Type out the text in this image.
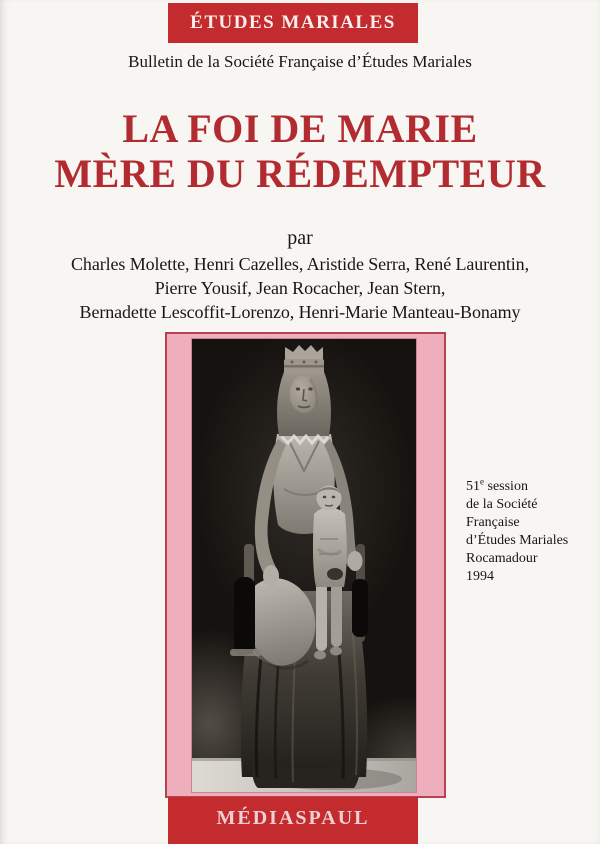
ÉTUDES MARIALES
Bulletin de la Société Française d’Études Mariales
LA FOI DE MARIE
MÈRE DU RÉDEMPTEUR
par
Charles Molette, Henri Cazelles, Aristide Serra, René Laurentin,
Pierre Yousif, Jean Rocacher, Jean Stern,
Bernadette Lescoffit-Lorenzo, Henri-Marie Manteau-Bonamy
51e session
de la Société
Française
d’Études Mariales
Rocamadour
1994
MÉDIASPAUL
